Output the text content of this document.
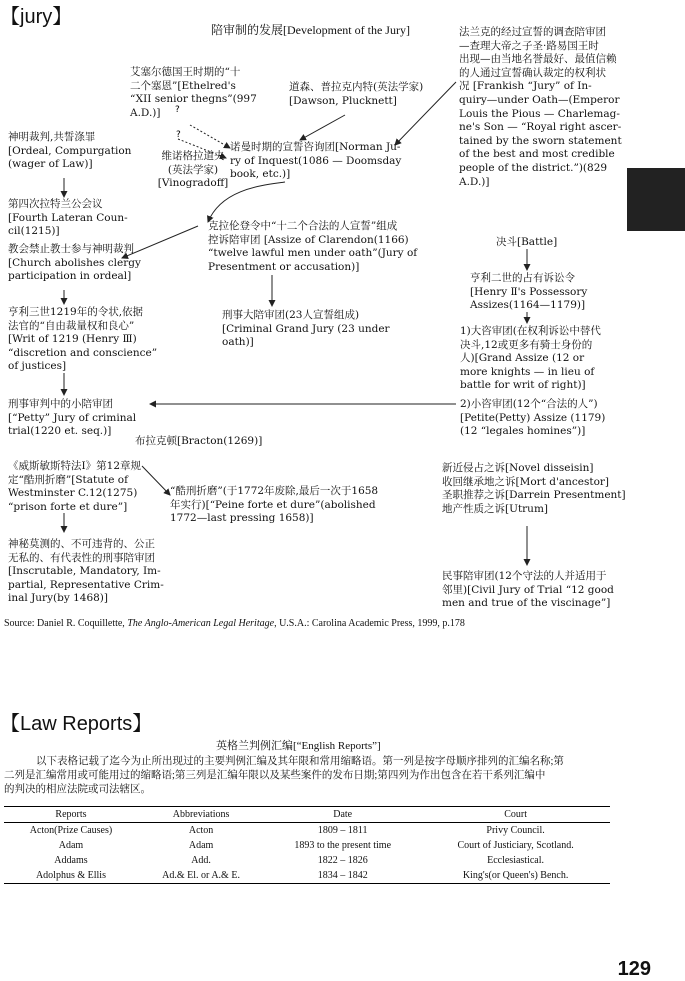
【jury】
陪审制的发展[Development of the Jury]
?
?
艾塞尔德国王时期的“十
二个塞恩”[Ethelred's
“XII senior thegns”(997
A.D.)]
道森、普拉克内特(英法学家)
[Dawson, Plucknett]
法兰克的经过宣誓的调查陪审团
—查理大帝之子圣·路易国王时
出现—由当地名誉最好、最值信赖
的人通过宣誓确认裁定的权利状
况 [Frankish “Jury” of In-
quiry—under Oath—(Emperor
Louis the Pious — Charlemag-
ne's Son — “Royal right ascer-
tained by the sworn statement
of the best and most credible
people of the district.”)(829
A.D.)]
神明裁判,共誓涤罪
[Ordeal, Compurgation
(wager of Law)]
维诺格拉道夫
(英法学家)
[Vinogradoff]
诺曼时期的宣誓咨询团[Norman Ju-
ry of Inquest(1086 — Doomsday
book, etc.)]
第四次拉特兰公会议
[Fourth Lateran Coun-
cil(1215)]
教会禁止教士参与神明裁判
[Church abolishes clergy
participation in ordeal]
克拉伦登令中“十二个合法的人宣誓”组成
控诉陪审团 [Assize of Clarendon(1166)
“twelve lawful men under oath”(Jury of
Presentment or accusation)]
决斗[Battle]
亨利二世的占有诉讼令
[Henry Ⅱ's Possessory
Assizes(1164—1179)]
亨利三世1219年的令状,依据
法官的“自由裁量权和良心”
[Writ of 1219 (Henry Ⅲ)
“discretion and conscience”
of justices]
刑事大陪审团(23人宣誓组成)
[Criminal Grand Jury (23 under
oath)]
1)大咨审团(在权利诉讼中替代
决斗,12或更多有骑士身份的
人)[Grand Assize (12 or
more knights — in lieu of
battle for writ of right)]
刑事审判中的小陪审团
[“Petty” Jury of criminal
trial(1220 et. seq.)]
2)小咨审团(12个“合法的人”)
[Petite(Petty) Assize (1179)
(12 “legales homines”)]
布拉克顿[Bracton(1269)]
《威斯敏斯特法Ⅰ》第12章规
定“酷刑折磨”[Statute of
Westminster C.12(1275)
“prison forte et dure”]
“酷刑折磨”(于1772年废除,最后一次于1658
年实行)[“Peine forte et dure”(abolished
1772—last pressing 1658)]
新近侵占之诉[Novel disseisin]
收回继承地之诉[Mort d'ancestor]
圣职推荐之诉[Darrein Presentment]
地产性质之诉[Utrum]
神秘莫测的、不可违背的、公正
无私的、有代表性的刑事陪审团
[Inscrutable, Mandatory, Im-
partial, Representative Crim-
inal Jury(by 1468)]
民事陪审团(12个守法的人并适用于
邻里)[Civil Jury of Trial “12 good
men and true of the viscinage”]
Source: Daniel R. Coquillette, The Anglo-American Legal Heritage, U.S.A.: Carolina Academic Press, 1999, p.178
【Law Reports】
英格兰判例汇编[“English Reports”]
以下表格记载了迄今为止所出现过的主要判例汇编及其年限和常用缩略语。第一列是按字母顺序排列的汇编名称;第
二列是汇编常用或可能用过的缩略语;第三列是汇编年限以及某些案件的发布日期;第四列为作出包含在若干系列汇编中
的判决的相应法院或司法辖区。
Reports	Abbreviations	Date	Court
Acton(Prize Causes)	Acton	1809 – 1811	Privy Council.
Adam	Adam	1893 to the present time	Court of Justiciary, Scotland.
Addams	Add.	1822 – 1826	Ecclesiastical.
Adolphus & Ellis	Ad.& El. or A.& E.	1834 – 1842	King's(or Queen's) Bench.
129
